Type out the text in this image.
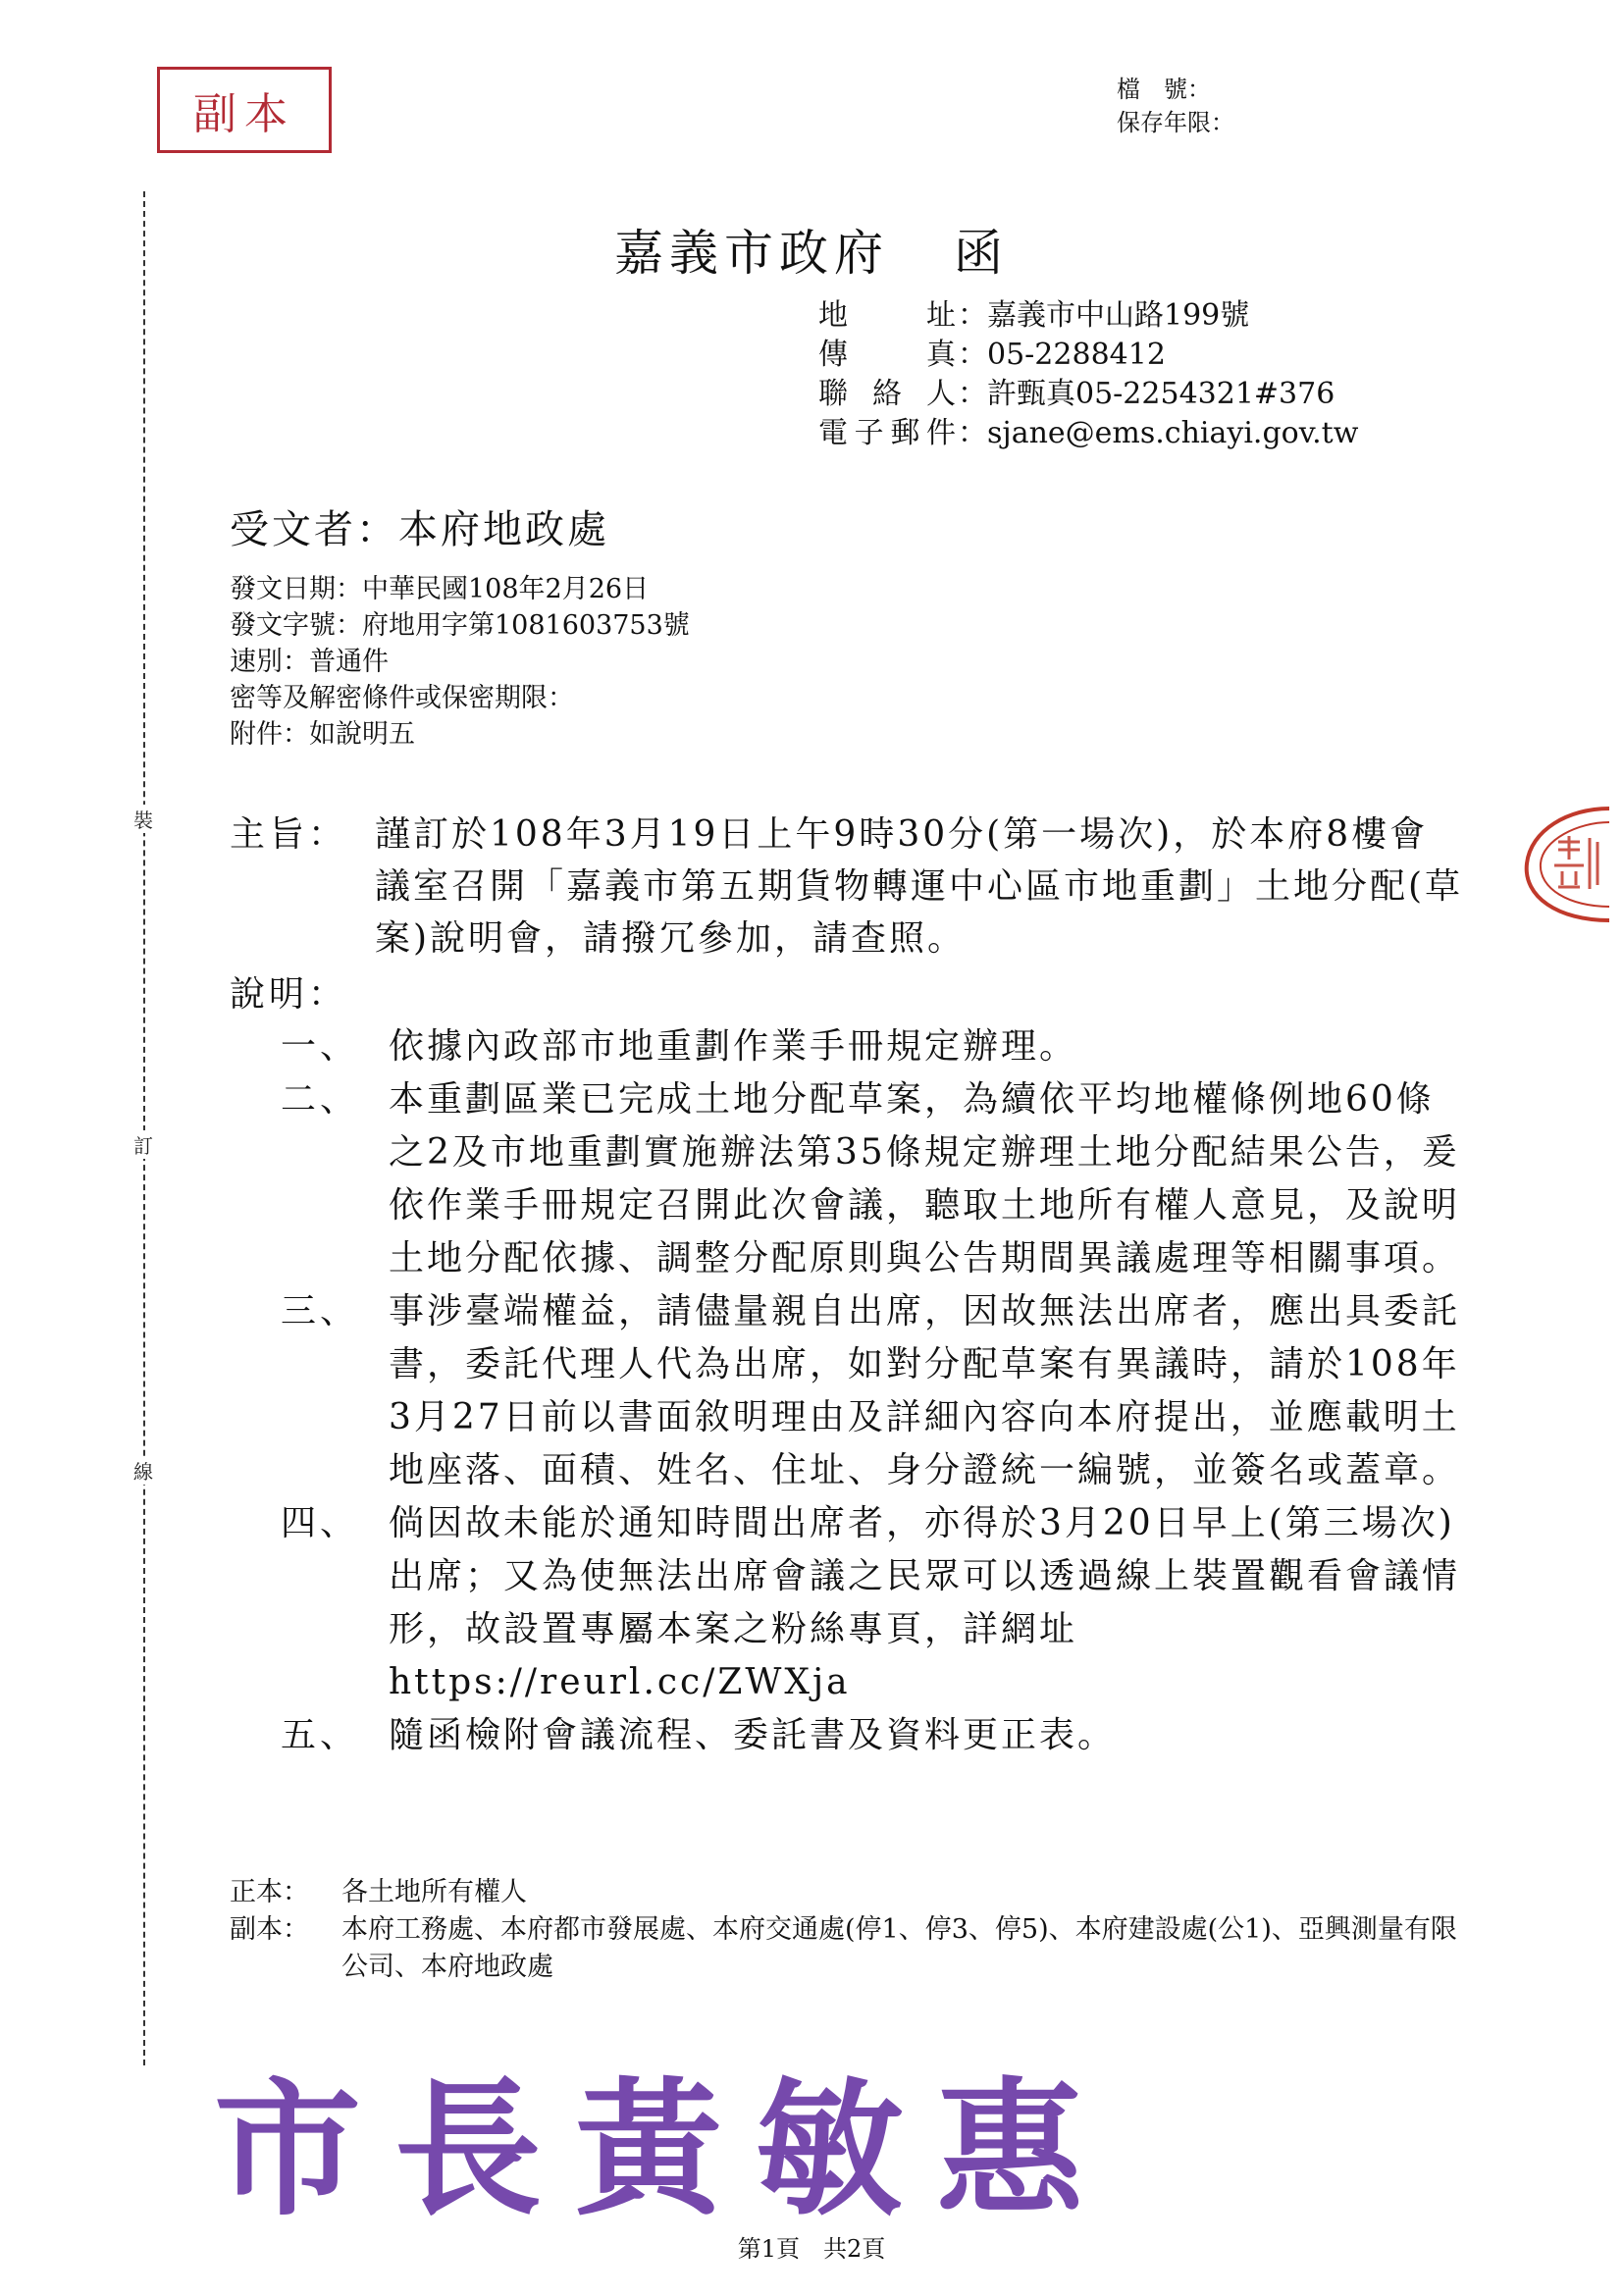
副本	檔　號：
保存年限：
裝
訂
線
嘉義市政府 函
地　址 ：嘉義市中山路199號
傳　真 ：05-2288412
聯絡人 ：許甄真05-2254321#376
電子郵件 ：sjane@ems.chiayi.gov.tw
受文者：本府地政處
發文日期：中華民國108年2月26日
發文字號：府地用字第1081603753號
速別：普通件
密等及解密條件或保密期限：
附件：如說明五
主旨： 謹訂於108年3月19日上午9時30分(第一場次)，於本府8樓會議室召開「嘉義市第五期貨物轉運中心區市地重劃」土地分配(草案)說明會，請撥冗參加，請查照。
說明：
一、 依據內政部市地重劃作業手冊規定辦理。
二、 本重劃區業已完成土地分配草案，為續依平均地權條例地60條之2及市地重劃實施辦法第35條規定辦理土地分配結果公告，爰依作業手冊規定召開此次會議，聽取土地所有權人意見，及說明土地分配依據、調整分配原則與公告期間異議處理等相關事項。
三、 事涉臺端權益，請儘量親自出席，因故無法出席者，應出具委託書，委託代理人代為出席，如對分配草案有異議時，請於108年3月27日前以書面敘明理由及詳細內容向本府提出，並應載明土地座落、面積、姓名、住址、身分證統一編號，並簽名或蓋章。
四、 倘因故未能於通知時間出席者，亦得於3月20日早上(第三場次)出席；又為使無法出席會議之民眾可以透過線上裝置觀看會議情形，故設置專屬本案之粉絲專頁，詳網址 https://reurl.cc/ZWXja
五、 隨函檢附會議流程、委託書及資料更正表。
正本：	各土地所有權人
副本：	本府工務處、本府都市發展處、本府交通處(停1、停3、停5)、本府建設處(公1)、亞興測量有限公司、本府地政處
市長黃敏惠
第1頁　共2頁
